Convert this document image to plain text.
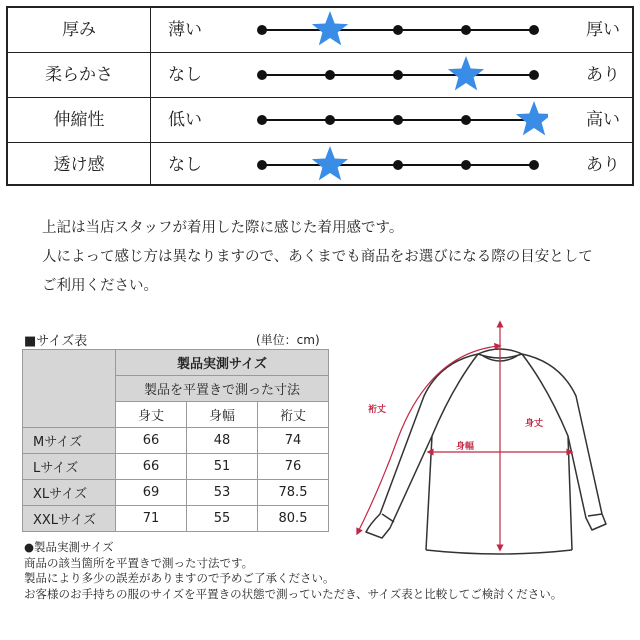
厚み	薄い	厚い
柔らかさ	なし	あり
伸縮性	低い	高い
透け感	なし	あり

上記は当店スタッフが着用した際に感じた着用感です。

人によって感じ方は異なりますので、あくまでも商品をお選びになる際の目安として

ご利用ください。

■サイズ表	(単位：cm)
	製品実測サイズ		
	製品を平置きで測った寸法		
	身丈	身幅	裄丈
Mサイズ	66	48	74
Lサイズ	66	51	76
XLサイズ	69	53	78.5
XXLサイズ	71	55	80.5
裄丈
身丈
身幅

●製品実測サイズ

商品の該当箇所を平置きで測った寸法です。

製品により多少の誤差がありますので予めご了承ください。

お客様のお手持ちの服のサイズを平置きの状態で測っていただき、サイズ表と比較してご検討ください。
